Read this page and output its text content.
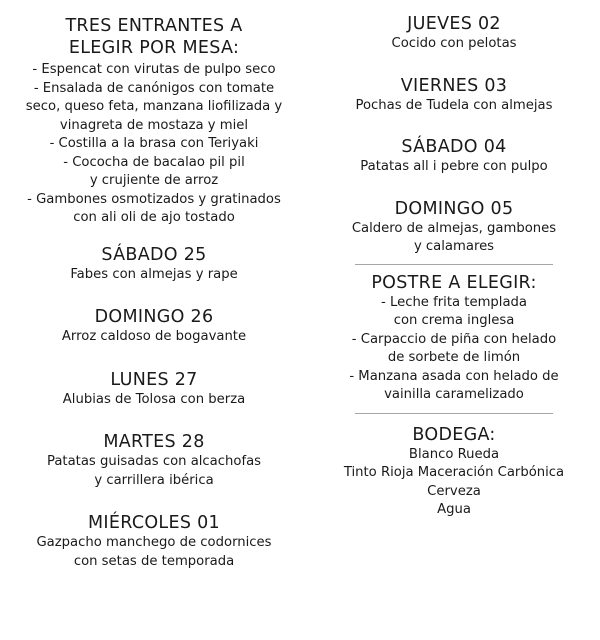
TRES ENTRANTES A

ELEGIR POR MESA:

- Espencat con virutas de pulpo seco

- Ensalada de canónigos con tomate

seco, queso feta, manzana liofilizada y

vinagreta de mostaza y miel

- Costilla a la brasa con Teriyaki

- Cococha de bacalao pil pil

y crujiente de arroz

- Gambones osmotizados y gratinados

con ali oli de ajo tostado

SÁBADO 25

Fabes con almejas y rape

DOMINGO 26

Arroz caldoso de bogavante

LUNES 27

Alubias de Tolosa con berza

MARTES 28

Patatas guisadas con alcachofas

y carrillera ibérica

MIÉRCOLES 01

Gazpacho manchego de codornices

con setas de temporada

JUEVES 02

Cocido con pelotas

VIERNES 03

Pochas de Tudela con almejas

SÁBADO 04

Patatas all i pebre con pulpo

DOMINGO 05

Caldero de almejas, gambones

y calamares

POSTRE A ELEGIR:

- Leche frita templada

con crema inglesa

- Carpaccio de piña con helado

de sorbete de limón

- Manzana asada con helado de

vainilla caramelizado

BODEGA:

Blanco Rueda

Tinto Rioja Maceración Carbónica

Cerveza

Agua
